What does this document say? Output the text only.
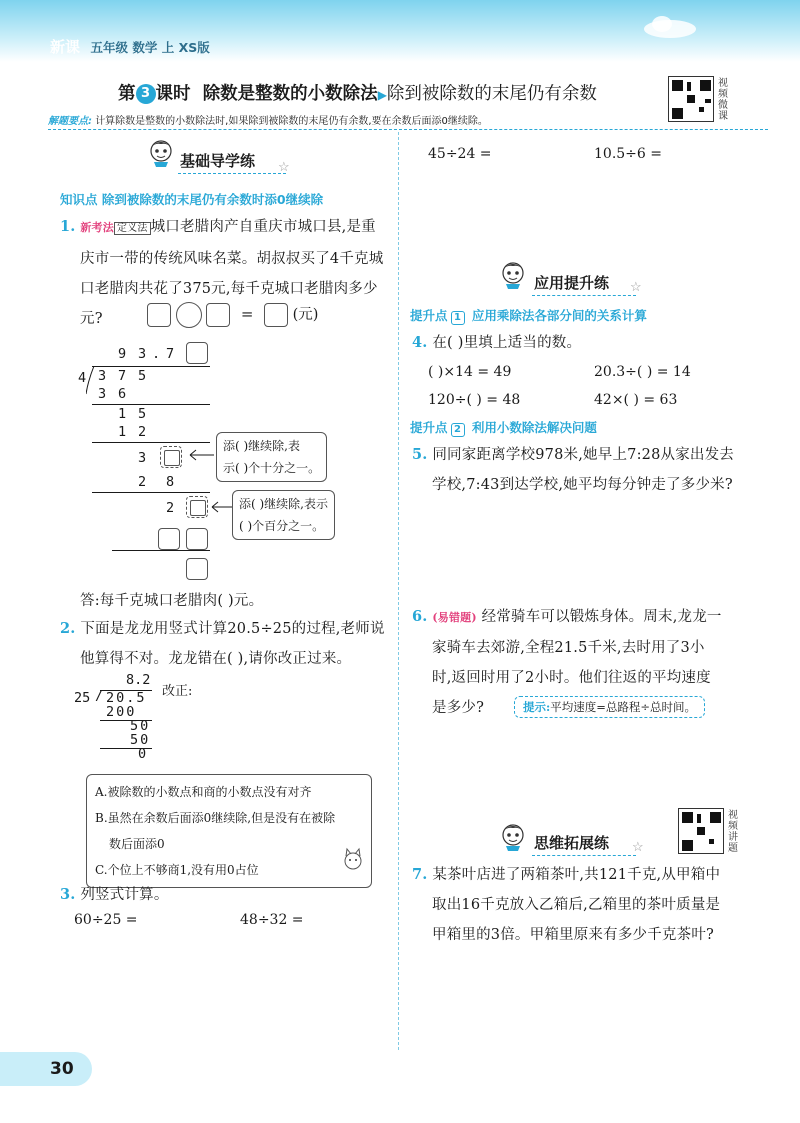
新课 五年级 数学 上 XS版
第 3 课时 除数是整数的小数除法▶除到被除数的末尾仍有余数
视频微课
解题要点: 计算除数是整数的小数除法时,如果除到被除数的末尾仍有余数,要在余数后面添0继续除。
基础导学练 ☆
知识点 除到被除数的末尾仍有余数时添0继续除
1. 新考法 定义法 城口老腊肉产自重庆市城口县,是重
庆市一带的传统风味名菜。胡叔叔买了4千克城
口老腊肉共花了375元,每千克城口老腊肉多少元?	=	(元)
9 3 . 7
4 3 7 5
3 6
1 5
1 2
3
2 8
2
添( )继续除,表
示( )个十分之一。
添( )继续除,表示
( )个百分之一。
答:每千克城口老腊肉( )元。
2. 下面是龙龙用竖式计算20.5÷25的过程,老师说
他算得不对。龙龙错在( ),请你改正过来。
8.2
25 / 20.5
200
50
50
0
改正:
A.被除数的小数点和商的小数点没有对齐
B.虽然在余数后面添0继续除,但是没有在被除
数后面添0
C.个位上不够商1,没有用0占位
3. 列竖式计算。
60÷25 =	48÷32 =
45÷24 =	10.5÷6 =
应用提升练 ☆
提升点 1 应用乘除法各部分间的关系计算
4. 在( )里填上适当的数。
( )×14 = 49	20.3÷( ) = 14
120÷( ) = 48	42×( ) = 63
提升点 2 利用小数除法解决问题
5. 同同家距离学校978米,她早上7:28从家出发去
学校,7:43到达学校,她平均每分钟走了多少米?
6. (易错题) 经常骑车可以锻炼身体。周末,龙龙一
家骑车去郊游,全程21.5千米,去时用了3小
时,返回时用了2小时。他们往返的平均速度
是多少?	提示:平均速度=总路程÷总时间。
思维拓展练 ☆
视频讲题
7. 某茶叶店进了两箱茶叶,共121千克,从甲箱中
取出16千克放入乙箱后,乙箱里的茶叶质量是
甲箱里的3倍。甲箱里原来有多少千克茶叶?
30
